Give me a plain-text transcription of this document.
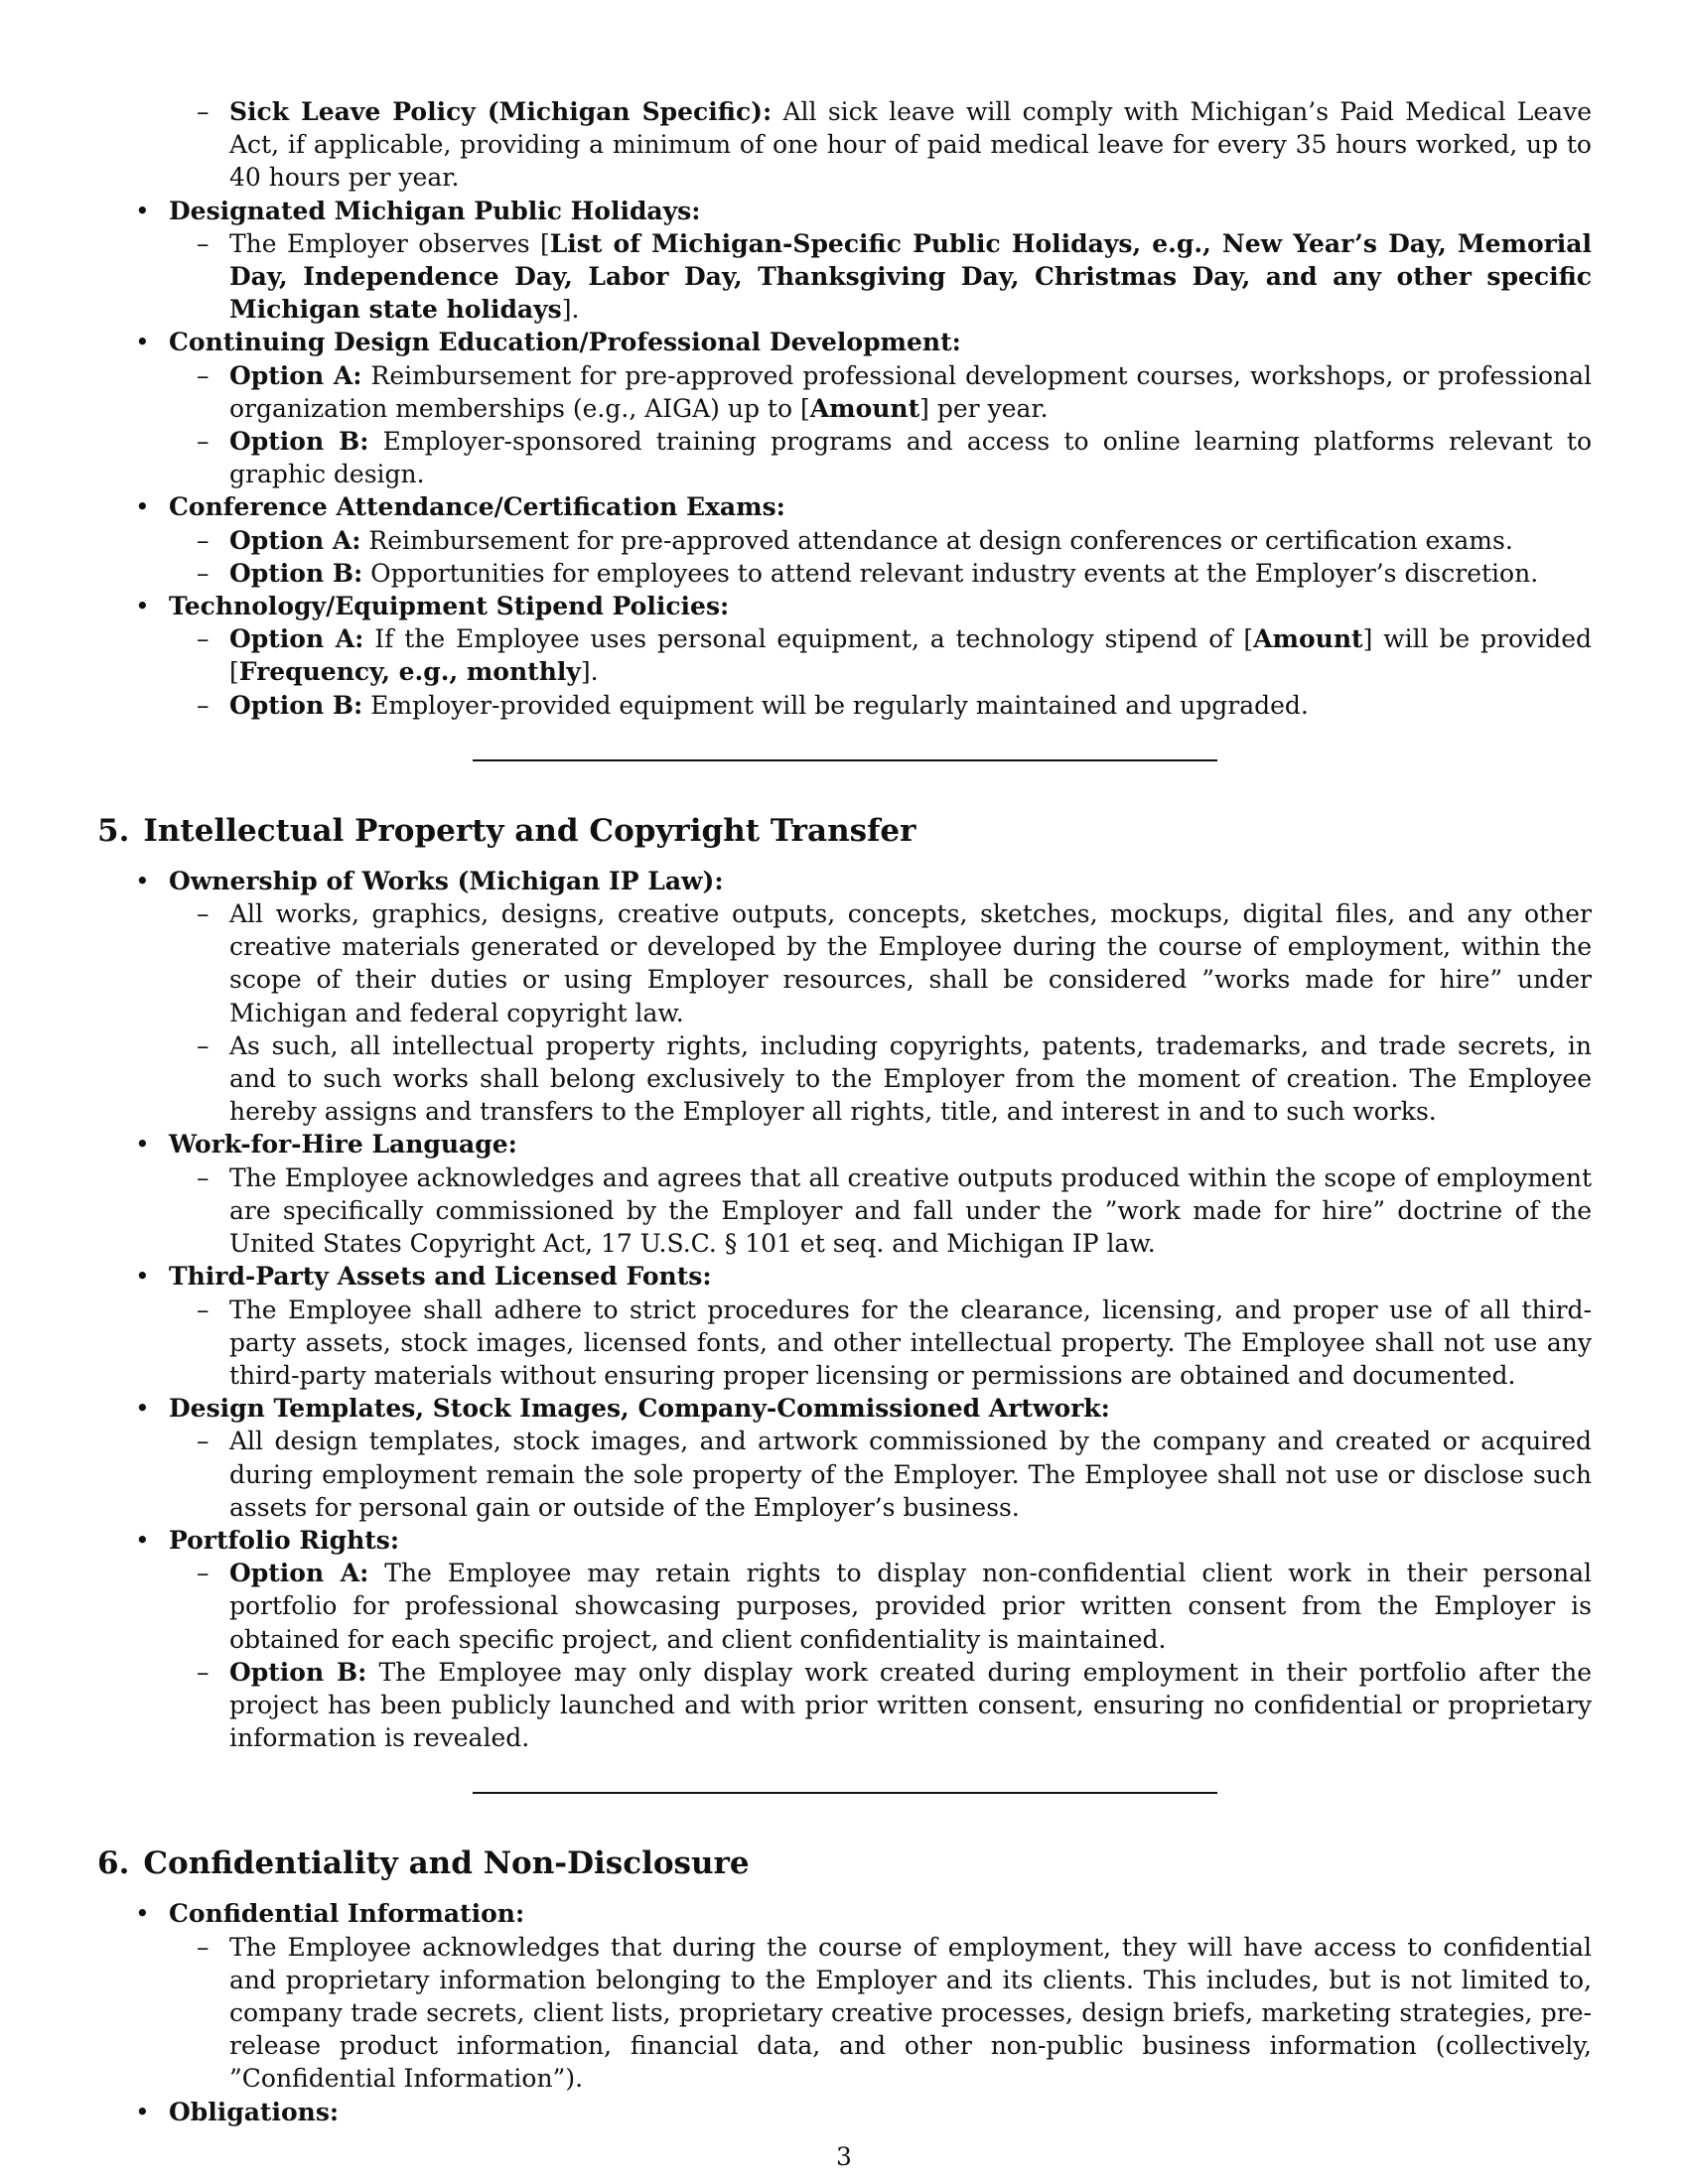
– Sick Leave Policy (Michigan Specific): All sick leave will comply with Michigan’s Paid Medical Leave Act, if applicable, providing a minimum of one hour of paid medical leave for every 35 hours worked, up to 40 hours per year.
• Designated Michigan Public Holidays:
– The Employer observes [List of Michigan-Specific Public Holidays, e.g., New Year’s Day, Memorial Day, Independence Day, Labor Day, Thanksgiving Day, Christmas Day, and any other specific Michigan state holidays].
• Continuing Design Education/Professional Development:
– Option A: Reimbursement for pre-approved professional development courses, workshops, or professional organization memberships (e.g., AIGA) up to [Amount] per year.
– Option B: Employer-sponsored training programs and access to online learning platforms relevant to graphic design.
• Conference Attendance/Certification Exams:
– Option A: Reimbursement for pre-approved attendance at design conferences or certification exams.
– Option B: Opportunities for employees to attend relevant industry events at the Employer’s discretion.
• Technology/Equipment Stipend Policies:
– Option A: If the Employee uses personal equipment, a technology stipend of [Amount] will be provided [Frequency, e.g., monthly].
– Option B: Employer-provided equipment will be regularly maintained and upgraded.
5. Intellectual Property and Copyright Transfer
• Ownership of Works (Michigan IP Law):
– All works, graphics, designs, creative outputs, concepts, sketches, mockups, digital files, and any other creative materials generated or developed by the Employee during the course of employment, within the scope of their duties or using Employer resources, shall be considered ”works made for hire” under Michigan and federal copyright law.
– As such, all intellectual property rights, including copyrights, patents, trademarks, and trade secrets, in and to such works shall belong exclusively to the Employer from the moment of creation. The Employee hereby assigns and transfers to the Employer all rights, title, and interest in and to such works.
• Work-for-Hire Language:
– The Employee acknowledges and agrees that all creative outputs produced within the scope of employment are specifically commissioned by the Employer and fall under the ”work made for hire” doctrine of the United States Copyright Act, 17 U.S.C. § 101 et seq. and Michigan IP law.
• Third-Party Assets and Licensed Fonts:
– The Employee shall adhere to strict procedures for the clearance, licensing, and proper use of all third-party assets, stock images, licensed fonts, and other intellectual property. The Employee shall not use any third-party materials without ensuring proper licensing or permissions are obtained and documented.
• Design Templates, Stock Images, Company-Commissioned Artwork:
– All design templates, stock images, and artwork commissioned by the company and created or acquired during employment remain the sole property of the Employer. The Employee shall not use or disclose such assets for personal gain or outside of the Employer’s business.
• Portfolio Rights:
– Option A: The Employee may retain rights to display non-confidential client work in their personal portfolio for professional showcasing purposes, provided prior written consent from the Employer is obtained for each specific project, and client confidentiality is maintained.
– Option B: The Employee may only display work created during employment in their portfolio after the project has been publicly launched and with prior written consent, ensuring no confidential or proprietary information is revealed.
6. Confidentiality and Non-Disclosure
• Confidential Information:
– The Employee acknowledges that during the course of employment, they will have access to confidential and proprietary information belonging to the Employer and its clients. This includes, but is not limited to, company trade secrets, client lists, proprietary creative processes, design briefs, marketing strategies, pre-release product information, financial data, and other non-public business information (collectively, ”Confidential Information”).
• Obligations:
3
